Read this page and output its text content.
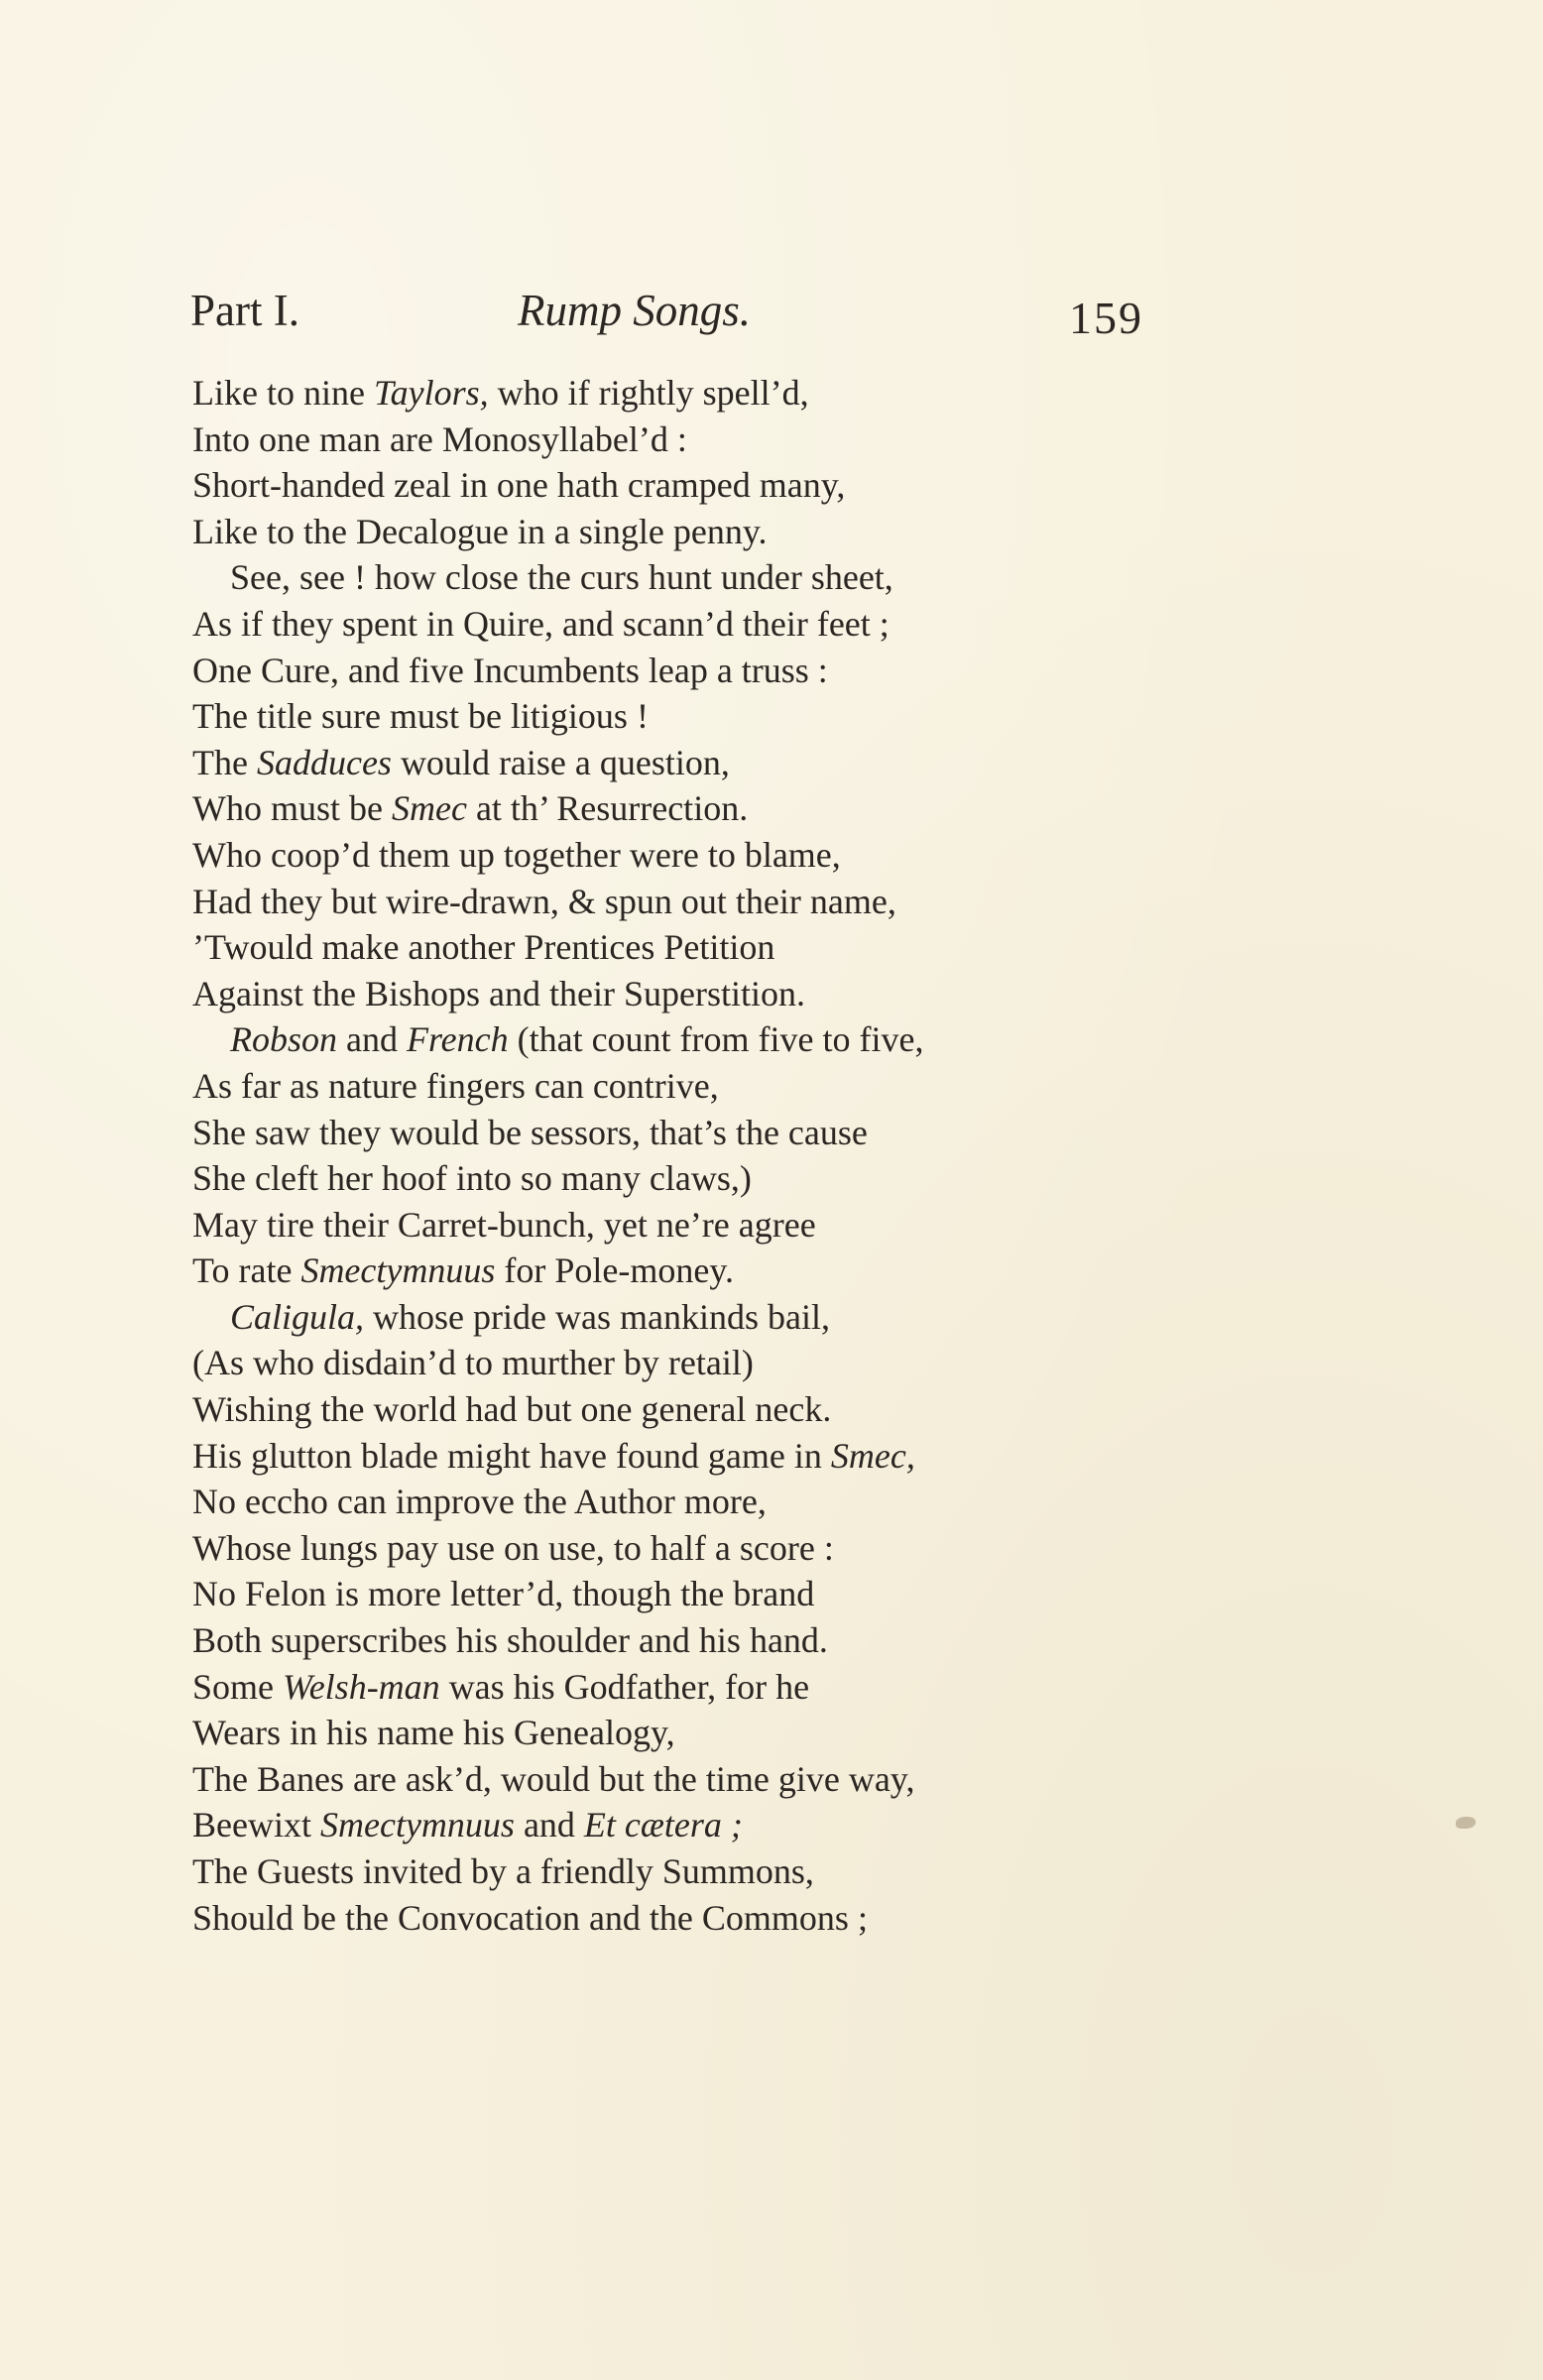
Part I.	Rump Songs.	159
Like to nine Taylors, who if rightly spell’d,
Into one man are Monosyllabel’d :
Short-handed zeal in one hath cramped many,
Like to the Decalogue in a single penny.
See, see ! how close the curs hunt under sheet,
As if they spent in Quire, and scann’d their feet ;
One Cure, and five Incumbents leap a truss :
The title sure must be litigious !
The Sadduces would raise a question,
Who must be Smec at th’ Resurrection.
Who coop’d them up together were to blame,
Had they but wire-drawn, & spun out their name,
’Twould make another Prentices Petition
Against the Bishops and their Superstition.
Robson and French (that count from five to five,
As far as nature fingers can contrive,
She saw they would be sessors, that’s the cause
She cleft her hoof into so many claws,)
May tire their Carret-bunch, yet ne’re agree
To rate Smectymnuus for Pole-money.
Caligula, whose pride was mankinds bail,
(As who disdain’d to murther by retail)
Wishing the world had but one general neck.
His glutton blade might have found game in Smec,
No eccho can improve the Author more,
Whose lungs pay use on use, to half a score :
No Felon is more letter’d, though the brand
Both superscribes his shoulder and his hand.
Some Welsh-man was his Godfather, for he
Wears in his name his Genealogy,
The Banes are ask’d, would but the time give way,
Beewixt Smectymnuus and Et cætera ;
The Guests invited by a friendly Summons,
Should be the Convocation and the Commons ;
